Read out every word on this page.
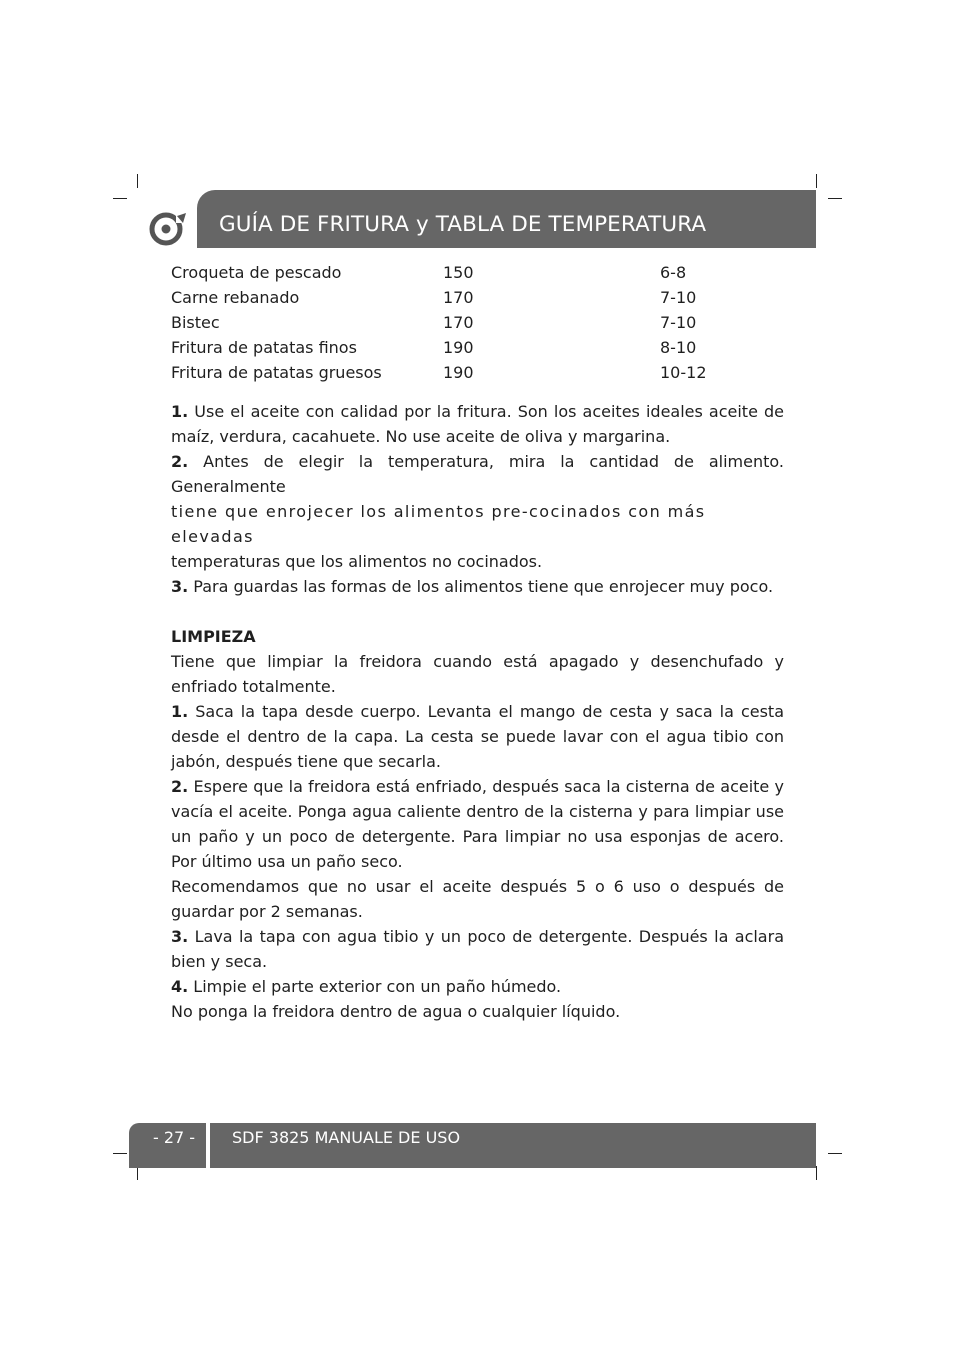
GUÍA DE FRITURA y TABLA DE TEMPERATURA
Croqueta de pescado	150	6-8
Carne rebanado	170	7-10
Bistec	170	7-10
Fritura de patatas finos	190	8-10
Fritura de patatas gruesos	190	10-12

1. Use el aceite con calidad por la fritura. Son los aceites ideales aceite de maíz, verdura, cacahuete. No use aceite de oliva y margarina.

2. Antes de elegir la temperatura, mira la cantidad de alimento. Generalmente

tiene que enrojecer los alimentos pre-cocinados con más elevadas

temperaturas que los alimentos no cocinados.

3. Para guardas las formas de los alimentos tiene que enrojecer muy poco.

LIMPIEZA

Tiene que limpiar la freidora cuando está apagado y desenchufado y enfriado totalmente.

1. Saca la tapa desde cuerpo. Levanta el mango de cesta y saca la cesta desde el dentro de la capa. La cesta se puede lavar con el agua tibio con jabón, después tiene que secarla.

2. Espere que la freidora está enfriado, después saca la cisterna de aceite y vacía el aceite. Ponga agua caliente dentro de la cisterna y para limpiar use un paño y un poco de detergente. Para limpiar no usa esponjas de acero. Por último usa un paño seco.

Recomendamos que no usar el aceite después 5 o 6 uso o después de guardar por 2 semanas.

3. Lava la tapa con agua tibio y un poco de detergente. Después la aclara bien y seca.

4. Limpie el parte exterior con un paño húmedo.

No ponga la freidora dentro de agua o cualquier líquido.

- 27 - SDF 3825 MANUALE DE USO
